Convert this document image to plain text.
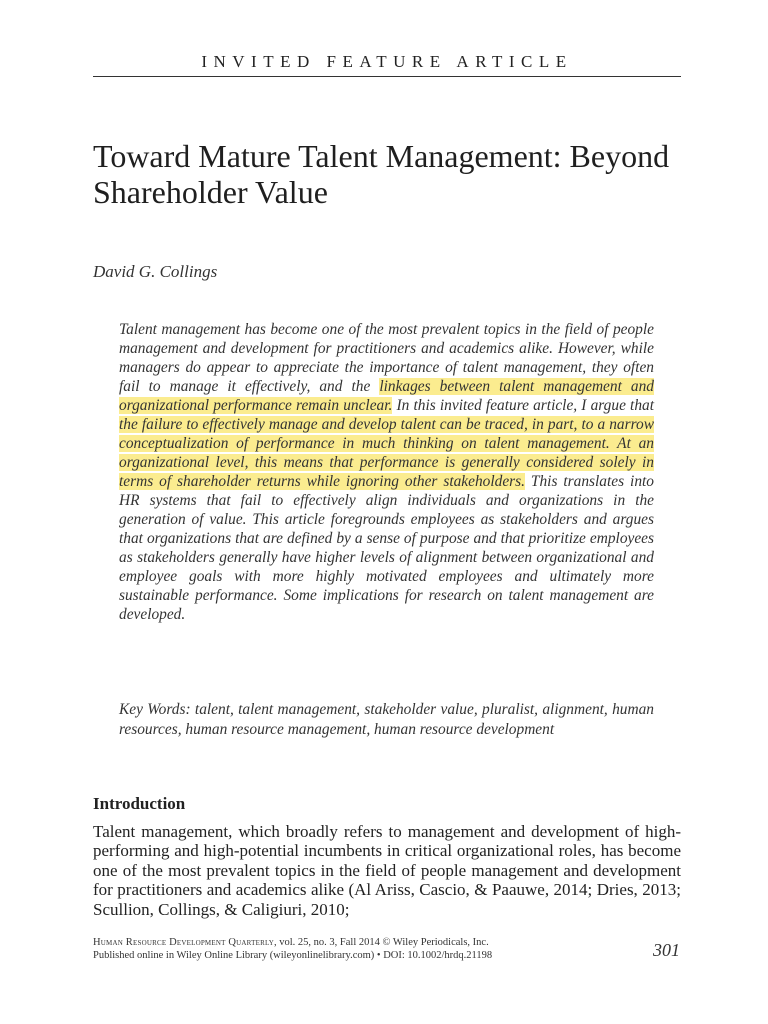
INVITED FEATURE ARTICLE
Toward Mature Talent Management: Beyond Shareholder Value
David G. Collings
Talent management has become one of the most prevalent topics in the field of people management and development for practitioners and academics alike. However, while managers do appear to appreciate the importance of talent management, they often fail to manage it effectively, and the linkages between talent management and organizational performance remain unclear. In this invited feature article, I argue that the failure to effectively manage and develop talent can be traced, in part, to a narrow conceptualization of performance in much thinking on talent management. At an organizational level, this means that performance is generally considered solely in terms of shareholder returns while ignoring other stakeholders. This translates into HR systems that fail to effectively align individuals and organizations in the generation of value. This article foregrounds employees as stakeholders and argues that organizations that are defined by a sense of purpose and that prioritize employees as stakeholders generally have higher levels of alignment between organizational and employee goals with more highly motivated employees and ultimately more sustainable performance. Some implications for research on talent management are developed.
Key Words: talent, talent management, stakeholder value, pluralist, alignment, human resources, human resource management, human resource development
Introduction
Talent management, which broadly refers to management and development of high-performing and high-potential incumbents in critical organizational roles, has become one of the most prevalent topics in the field of people management and development for practitioners and academics alike (Al Ariss, Cascio, & Paauwe, 2014; Dries, 2013; Scullion, Collings, & Caligiuri, 2010;
Human Resource Development Quarterly, vol. 25, no. 3, Fall 2014 © Wiley Periodicals, Inc.
Published online in Wiley Online Library (wileyonlinelibrary.com) • DOI: 10.1002/hrdq.21198	301
